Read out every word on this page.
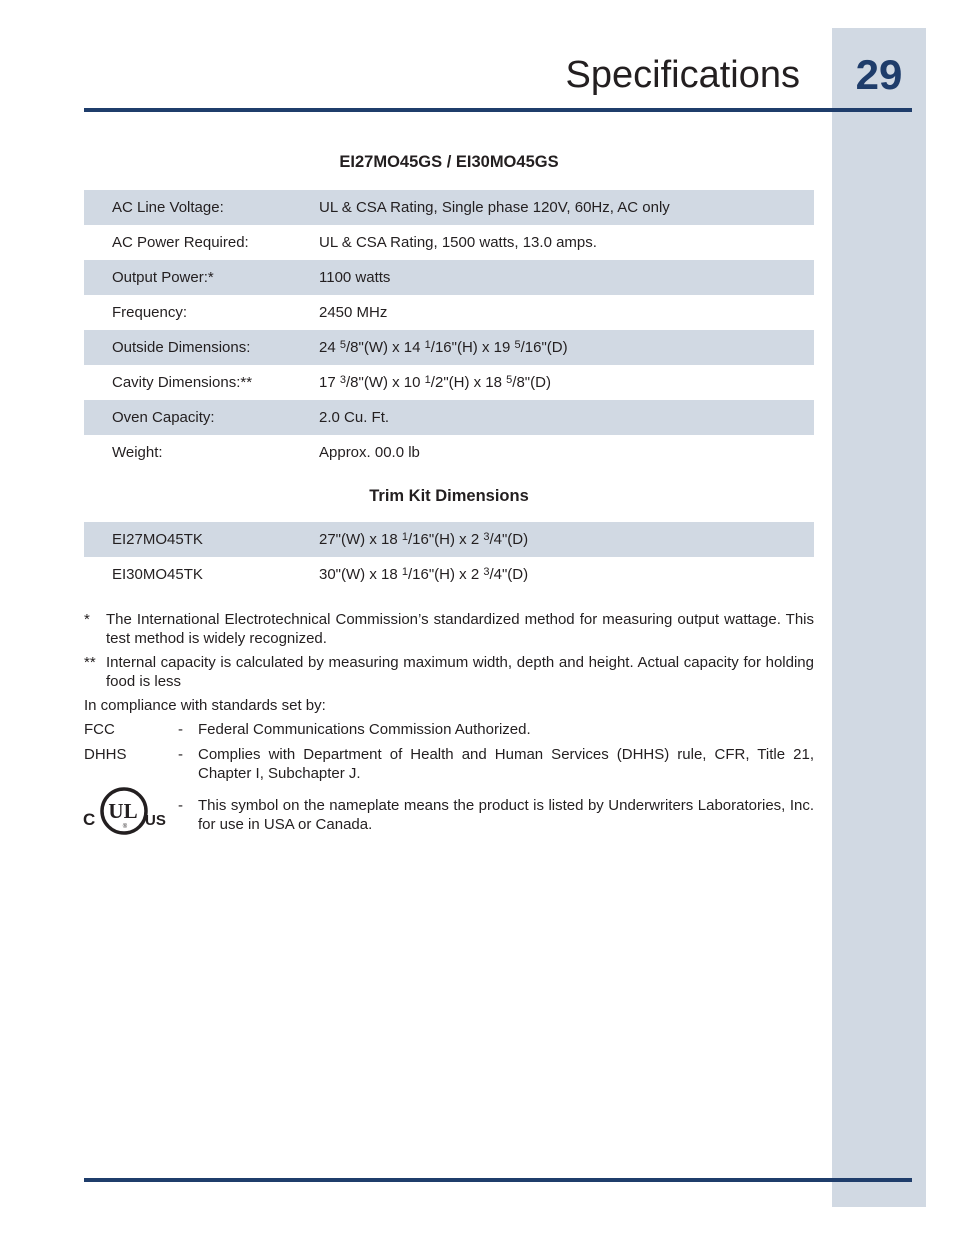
Specifications	29
EI27MO45GS / EI30MO45GS
AC Line Voltage:	UL & CSA Rating, Single phase 120V, 60Hz, AC only
AC Power Required:	UL & CSA Rating, 1500 watts, 13.0 amps.
Output Power:*	1100 watts
Frequency:	2450 MHz
Outside Dimensions:	24 $^5$/8"(W) x 14 $^1$/16"(H) x 19 $^5$/16"(D)
Cavity Dimensions:**	17 $^3$/8"(W) x 10 $^1$/2"(H) x 18 $^5$/8"(D)
Oven Capacity:	2.0 Cu. Ft.
Weight:	Approx. 00.0 lb
Trim Kit Dimensions
EI27MO45TK	27"(W) x 18 $^1$/16"(H) x 2 $^3$/4"(D)
EI30MO45TK	30"(W) x 18 $^1$/16"(H) x 2 $^3$/4"(D)
* The International Electrotechnical Commission’s standardized method for measuring output wattage. This test method is widely recognized.
** Internal capacity is calculated by measuring maximum width, depth and height. Actual capacity for holding food is less
In compliance with standards set by:
FCC	- Federal Communications Commission Authorized.
DHHS	- Complies with Department of Health and Human Services (DHHS) rule, CFR, Title 21, Chapter I, Subchapter J.
- This symbol on the nameplate means the product is listed by Underwriters Laboratories, Inc. for use in USA or Canada.
UL
®
C	US
